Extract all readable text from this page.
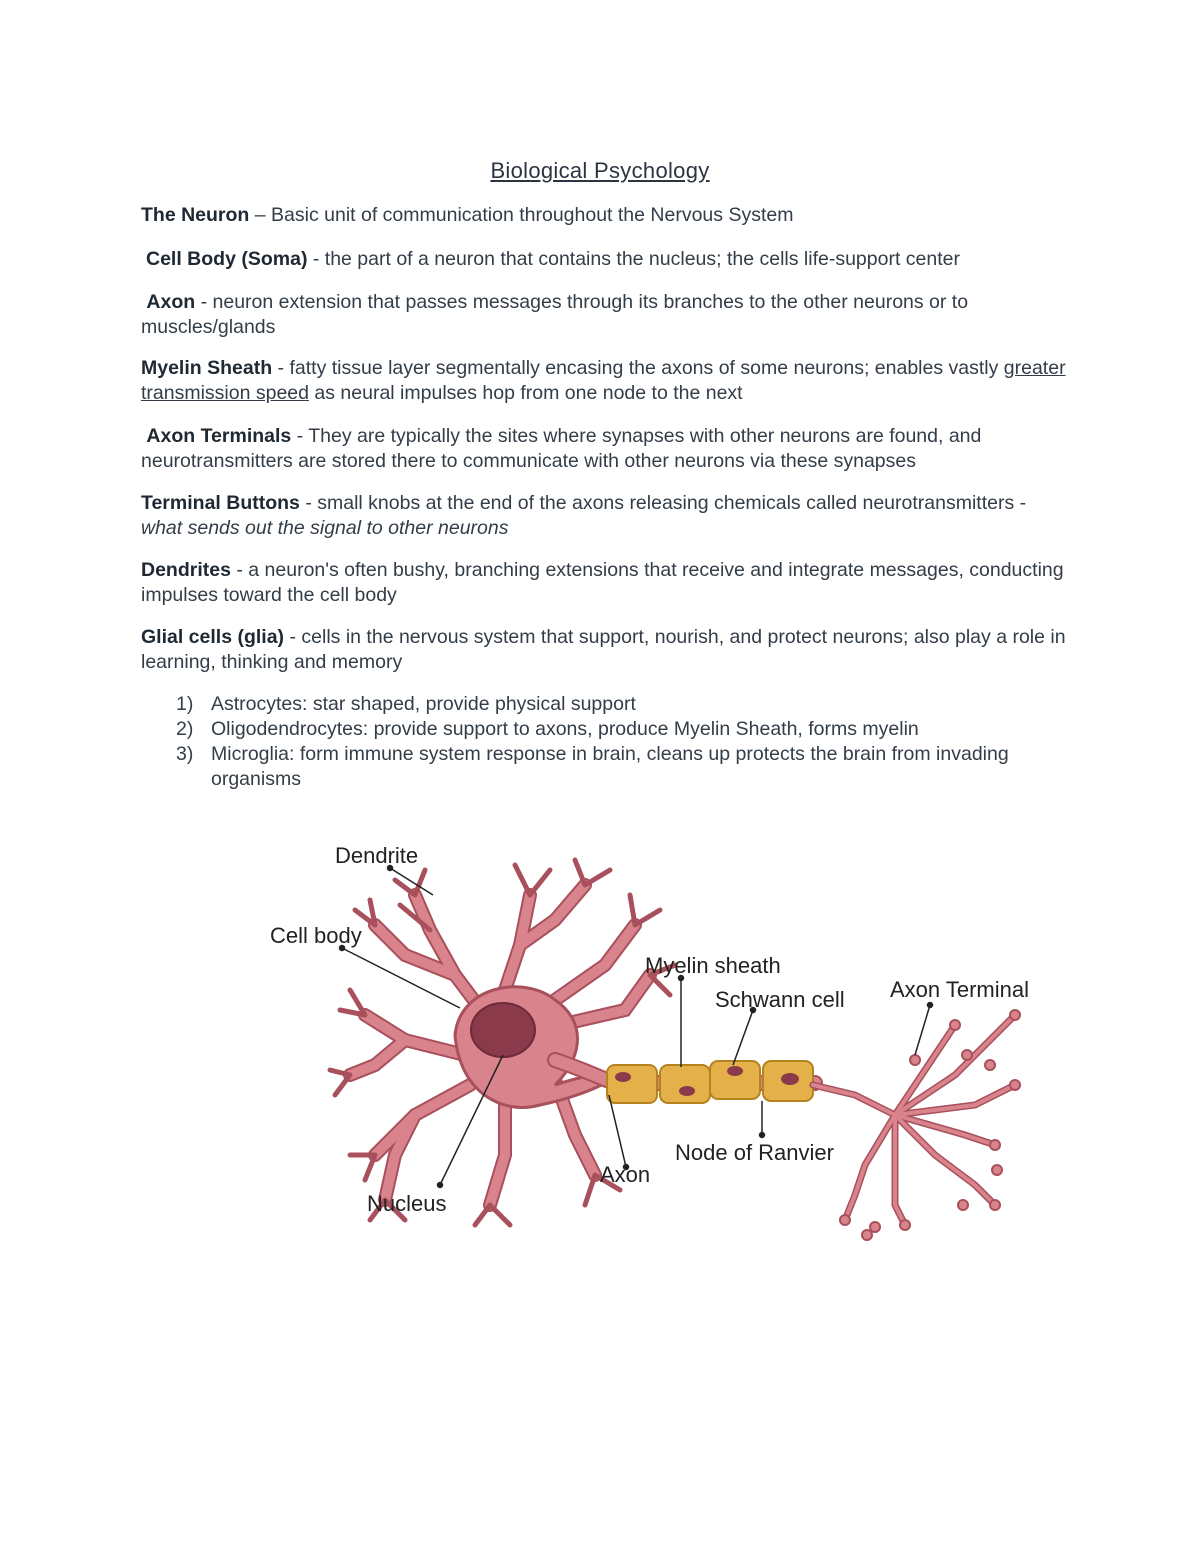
Biological Psychology
The Neuron – Basic unit of communication throughout the Nervous System
Cell Body (Soma) - the part of a neuron that contains the nucleus; the cells life-support center
Axon - neuron extension that passes messages through its branches to the other neurons or to muscles/glands
Myelin Sheath - fatty tissue layer segmentally encasing the axons of some neurons; enables vastly greater transmission speed as neural impulses hop from one node to the next
Axon Terminals - They are typically the sites where synapses with other neurons are found, and neurotransmitters are stored there to communicate with other neurons via these synapses
Terminal Buttons - small knobs at the end of the axons releasing chemicals called neurotransmitters - what sends out the signal to other neurons
Dendrites - a neuron's often bushy, branching extensions that receive and integrate messages, conducting impulses toward the cell body
Glial cells (glia) - cells in the nervous system that support, nourish, and protect neurons; also play a role in learning, thinking and memory
1) Astrocytes: star shaped, provide physical support
2) Oligodendrocytes: provide support to axons, produce Myelin Sheath, forms myelin
3) Microglia: form immune system response in brain, cleans up protects the brain from invading organisms
Dendrite
Cell body
Myelin sheath
Schwann cell Axon Terminal
Node of Ranvier
Axon
Nucleus
